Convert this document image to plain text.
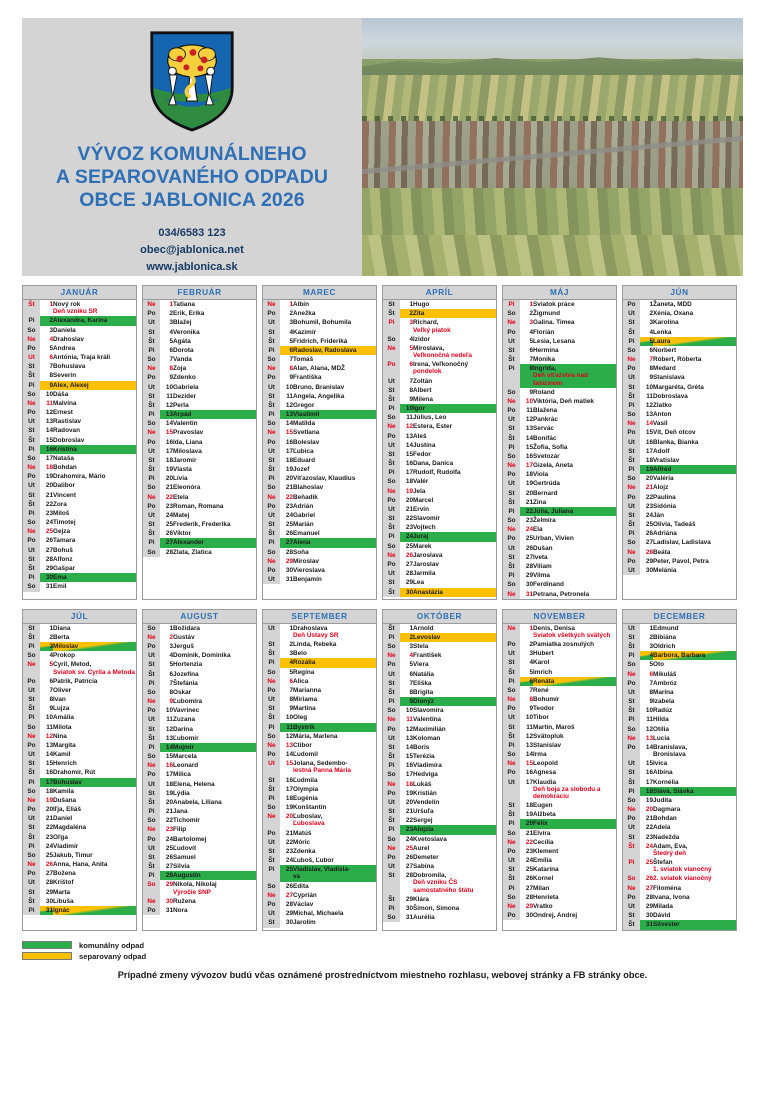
VÝVOZ KOMUNÁLNEHO
A SEPAROVANÉHO ODPADU

OBCE JABLONICA 2026
034/6583 123
obec@jablonica.net
www.jablonica.sk
JANUÁR
Št	1	Nový rok
Deň vzniku SR

Pi	2	Alexandra, Karína
So	3	Daniela
Ne	4	Drahoslav
Po	5	Andrea
Ut	6	Antónia, Traja králi
St	7	Bohuslava
Št	8	Severín
Pi	9	Alex, Alexej
So	10	Dáša
Ne	11	Malvína
Po	12	Ernest
Ut	13	Rastislav
St	14	Radovan
Št	15	Dobroslav
Pi	16	Kristína
So	17	Nataša
Ne	18	Bohdan
Po	19	Drahomíra, Mário
Ut	20	Dalibor
St	21	Vincent
Št	22	Zora
Pi	23	Miloš
So	24	Timotej
Ne	25	Gejza
Po	26	Tamara
Ut	27	Bohuš
St	28	Alfonz
Št	29	Gašpar
Pi	30	Ema
So	31	Emil
FEBRUÁR
Ne	1	Tatiana
Po	2	Erik, Erika
Ut	3	Blažej
St	4	Veronika
Št	5	Agáta
Pi	6	Dorota
So	7	Vanda
Ne	8	Zoja
Po	9	Zdenko
Ut	10	Gabriela
St	11	Dezider
Št	12	Perla
Pi	13	Arpád
So	14	Valentín
Ne	15	Pravoslav
Po	16	Ida, Liana
Ut	17	Miloslava
St	18	Jaromír
Št	19	Vlasta
Pi	20	Lívia
So	21	Eleonóra
Ne	22	Etela
Po	23	Roman, Romana
Ut	24	Matej
St	25	Frederik, Frederika
Št	26	Viktor
Pi	27	Alexander
So	28	Zlata, Zlatica
MAREC
Ne	1	Albín
Po	2	Anežka
Ut	3	Bohumil, Bohumila
St	4	Kazimír
Št	5	Fridrich, Frideriká
Pi	6	Radoslav, Radoslava
So	7	Tomáš
Ne	8	Alan, Alana, MDŽ
Po	9	Františka
Ut	10	Bruno, Branislav
St	11	Angela, Angelika
Št	12	Gregor
Pi	13	Vlastimil
So	14	Matilda
Ne	15	Svetlana
Po	16	Boleslav
Ut	17	Ľubica
St	18	Eduard
Št	19	Jozef
Pi	20	Víťazoslav, Klaudius
So	21	Blahoslav
Ne	22	Beňadik
Po	23	Adrián
Ut	24	Gabriel
St	25	Marián
Št	26	Emanuel
Pi	27	Alena
So	28	Soňa
Ne	29	Miroslav
Po	30	Vieroslava
Ut	31	Benjamín
APRÍL
St	1	Hugo
Št	2	Zita
Pi	3	Richard,
Veľký piatok

So	4	Izidor
Ne	5	Miroslava,
Veľkonočná nedeľa

Po	6	Irena, Veľkonočný
pondelok

Ut	7	Zoltán
St	8	Albert
Št	9	Milena
Pi	10	Igor
So	11	Július, Leo
Ne	12	Estera, Ester
Po	13	Aleš
Ut	14	Justína
St	15	Fedor
Št	16	Dana, Danica
Pi	17	Rudolf, Rudolfa
So	18	Valér
Ne	19	Jela
Po	20	Marcel
Ut	21	Ervín
St	22	Slavomír
Št	23	Vojtech
Pi	24	Juraj
So	25	Marek
Ne	26	Jaroslava
Po	27	Jaroslav
Ut	28	Jarmila
St	29	Lea
Št	30	Anastázia
MÁJ
Pi	1	Sviatok práce
So	2	Žigmund
Ne	3	Galina. Timea
Po	4	Florián
Ut	5	Lesia, Lesana
St	6	Hermína
Št	7	Monika
Pi	8	Ingrida,
Deň víťazstva nad fašizmom

So	9	Roland
Ne	10	Viktória, Deň matiek
Po	11	Blažena
Ut	12	Pankrác
St	13	Servác
Št	14	Bonifác
Pi	15	Žofia, Sofia
So	16	Svetozár
Ne	17	Gizela, Aneta
Po	18	Viola
Ut	19	Gertrúda
St	20	Bernard
Št	21	Zina
Pi	22	Júlia, Juliana
So	23	Želmíra
Ne	24	Ela
Po	25	Urban, Vivien
Ut	26	Dušan
St	27	Iveta
Št	28	Viliam
Pi	29	Vilma
So	30	Ferdinand
Ne	31	Petrana, Petronela
JÚN
Po	1	Žaneta, MDD
Ut	2	Xénia, Oxana
St	3	Karolína
Št	4	Lenka
Pi	5	Laura
So	6	Norbert
Ne	7	Róbert, Róberta
Po	8	Medard
Ut	9	Stanislava
St	10	Margaréta, Gréta
Št	11	Dobroslava
Pi	12	Zlatko
So	13	Anton
Ne	14	Vasil
Po	15	Vít, Deň otcov
Ut	16	Blanka, Bianka
St	17	Adolf
Št	18	Vratislav
Pi	19	Alfréd
So	20	Valéria
Ne	21	Alojz
Po	22	Paulína
Ut	23	Sidónia
St	24	Ján
Št	25	Olívia, Tadeáš
Pi	26	Adriána
So	27	Ladislav, Ladislava
Ne	28	Beáta
Po	29	Peter, Pavol, Petra
Ut	30	Melánia
JÚL
St	1	Diana
Št	2	Berta
Pi	3	Miloslav
So	4	Prokop
Ne	5	Cyril, Metod,
Sviatok sv. Cyrila a Metoda

Po	6	Patrik, Patrícia
Ut	7	Oliver
St	8	Ivan
Št	9	Lujza
Pi	10	Amália
So	11	Milota
Ne	12	Nina
Po	13	Margita
Ut	14	Kamil
St	15	Henrich
Št	16	Drahomír, Rút
Pi	17	Bohuslav
So	18	Kamila
Ne	19	Dušana
Po	20	Iľja, Eliáš
Ut	21	Daniel
St	22	Magdaléna
Št	23	Oľga
Pi	24	Vladimír
So	25	Jakub, Timur
Ne	26	Anna, Hana, Anita
Po	27	Božena
Ut	28	Krištof
St	29	Marta
Št	30	Libuša
Pi	31	Ignác
AUGUST
So	1	Božidara
Ne	2	Gustáv
Po	3	Jerguš
Ut	4	Dominik, Dominika
St	5	Hortenzia
Št	6	Jozefína
Pi	7	Štefánia
So	8	Oskar
Ne	9	Ľubomíra
Po	10	Vavrinec
Ut	11	Zuzana
St	12	Darina
Št	13	Ľubomír
Pi	14	Mojmír
So	15	Marcela
Ne	16	Leonard
Po	17	Milica
Ut	18	Elena, Helena
St	19	Lýdia
Št	20	Anabela, Liliana
Pi	21	Jana
So	22	Tichomír
Ne	23	Filip
Po	24	Bartolomej
Ut	25	Ľudovít
St	26	Samuel
Št	27	Silvia
Pi	28	Augustín
So	29	Nikola, Nikolaj
Výročie SNP

Ne	30	Ružena
Po	31	Nora
SEPTEMBER
Ut	1	Drahoslava
Deň Ústavy SR

St	2	Linda, Rebeka
Št	3	Belo
Pi	4	Rozália
So	5	Regína
Ne	6	Alica
Po	7	Marianna
Ut	8	Miriama
St	9	Martina
Št	10	Oleg
Pi	11	Bystrík
So	12	Mária, Marlena
Ne	13	Ctibor
Po	14	Ľudomil
Ut	15	Jolana, Sedembo-
lestná Panna Mária

St	16	Ľudmila
Št	17	Olympia
Pi	18	Eugénia
So	19	Konštantín
Ne	20	Ľuboslav,
Ľuboslava

Po	21	Matúš
Ut	22	Móric
St	23	Zdenka
Št	24	Ľuboš, Ľubor
Pi	25	Vladislav, Vladisla-
va

So	26	Edita
Ne	27	Cyprián
Po	28	Václav
Ut	29	Michal, Michaela
St	30	Jarolím
OKTÓBER
Št	1	Arnold
Pi	2	Levoslav
So	3	Stela
Ne	4	František
Po	5	Viera
Ut	6	Natália
St	7	Eliška
Št	8	Brigita
Pi	9	Dionýz
So	10	Slavomíra
Ne	11	Valentína
Po	12	Maximilián
Ut	13	Koloman
St	14	Boris
Št	15	Terézia
Pi	16	Vladimíra
So	17	Hedviga
Ne	18	Lukáš
Po	19	Kristián
Ut	20	Vendelín
St	21	Uršuľa
Št	22	Sergej
Pi	23	Alojzia
So	24	Kvetoslava
Ne	25	Aurel
Po	26	Demeter
Ut	27	Sabína
St	28	Dobromila,
Deň vzniku ČS samostatného štátu

Št	29	Klára
Pi	30	Šimon, Simona
So	31	Aurélia
NOVEMBER
Ne	1	Denis, Denisa
Sviatok všetkých svätých

Po	2	Pamiatka zosnulých
Ut	3	Hubert
St	4	Karol
Št	5	Imrich
Pi	6	Renáta
So	7	René
Ne	8	Bohumír
Po	9	Teodor
Ut	10	Tibor
St	11	Martin, Maroš
Št	12	Svätopluk
Pi	13	Stanislav
So	14	Irma
Ne	15	Leopold
Po	16	Agnesa
Ut	17	Klaudia
Deň boja za slobodu a demokraciu

St	18	Eugen
Št	19	Alžbeta
Pi	20	Félix
So	21	Elvíra
Ne	22	Cecília
Po	23	Klement
Ut	24	Emília
St	25	Katarína
Št	26	Kornel
Pi	27	Milan
So	28	Henrieta
Ne	29	Vratko
Po	30	Ondrej, Andrej
DECEMBER
Ut	1	Edmund
St	2	Bibiána
Št	3	Oldrich
Pi	4	Barbora, Barbara
So	5	Oto
Ne	6	Mikuláš
Po	7	Ambróz
Ut	8	Marína
St	9	Izabela
Št	10	Radúz
Pi	11	Hilda
So	12	Otília
Ne	13	Lucia
Po	14	Branislava,
Bronislava

Ut	15	Ivica
St	16	Albína
Št	17	Kornélia
Pi	18	Sláva, Slávka
So	19	Judita
Ne	20	Dagmara
Po	21	Bohdan
Ut	22	Adela
St	23	Nadežda
Št	24	Adam, Eva,
Štedrý deň

Pi	25	Štefan
1. sviatok vianočný

So	26	2. sviatok vianočný
Ne	27	Filoména
Po	28	Ivana, Ivona
Ut	29	Milada
St	30	Dávid
Št	31	Silvester
komunálny odpad
separovaný odpad
Prípadné zmeny vývozov budú včas oznámené prostredníctvom miestneho rozhlasu, webovej stránky a FB stránky obce.
